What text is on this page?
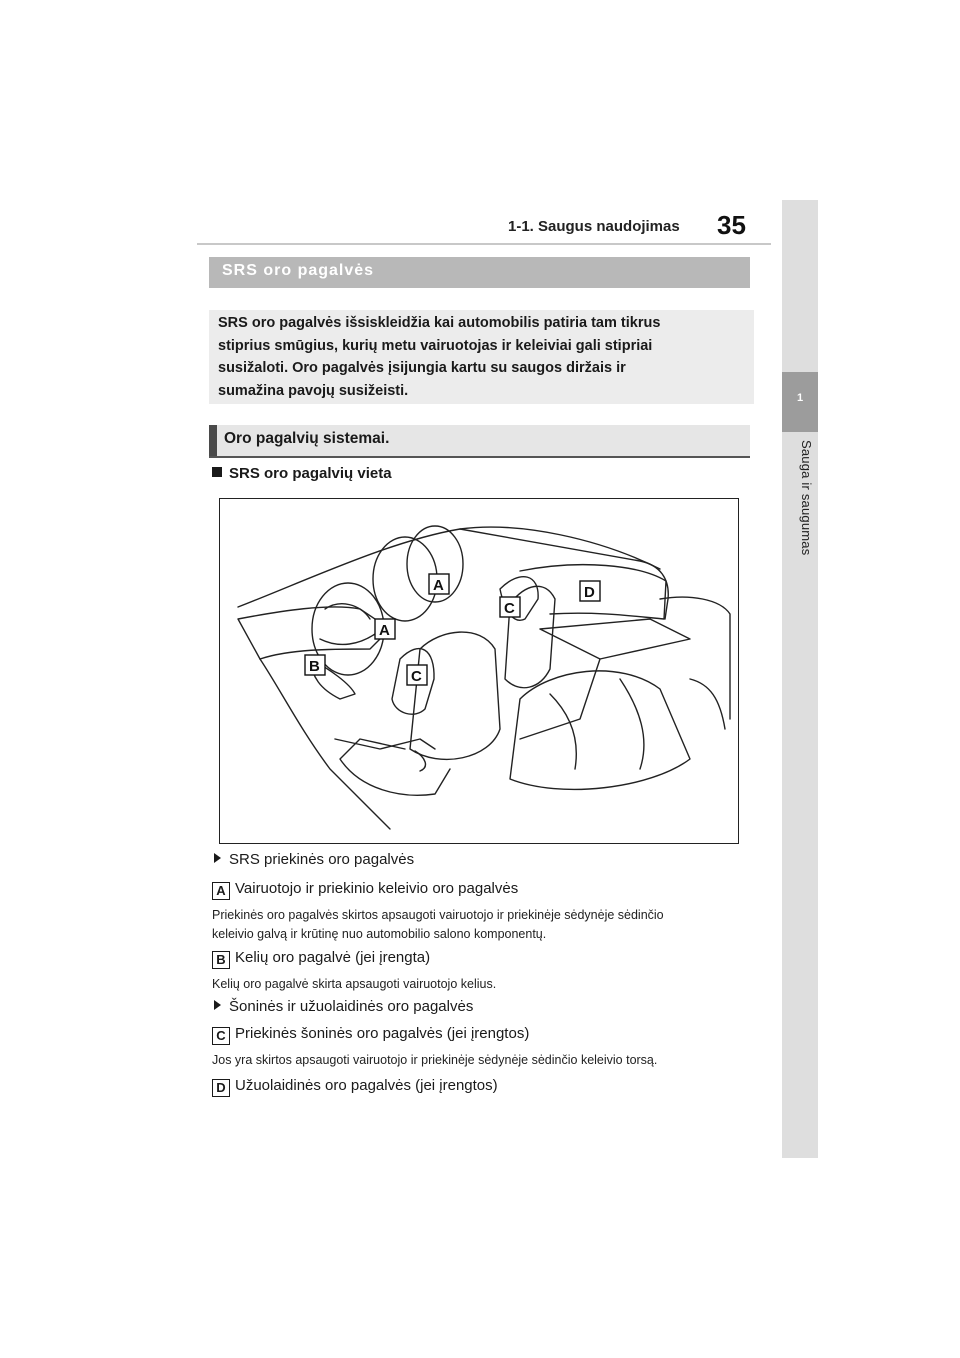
1-1. Saugus naudojimas 35
1
Sauga ir saugumas
SRS oro pagalvės
SRS oro pagalvės išsiskleidžia kai automobilis patiria tam tikrus
stiprius smūgius, kurių metu vairuotojas ir keleiviai gali stipriai
susižaloti. Oro pagalvės įsijungia kartu su saugos diržais ir
sumažina pavojų susižeisti.
Oro pagalvių sistemai.
SRS oro pagalvių vieta
A
A
B
C
C
D
SRS priekinės oro pagalvės
A Vairuotojo ir priekinio keleivio oro pagalvės
Priekinės oro pagalvės skirtos apsaugoti vairuotojo ir priekinėje sėdynėje sėdinčio
keleivio galvą ir krūtinę nuo automobilio salono komponentų.
B Kelių oro pagalvė (jei įrengta)
Kelių oro pagalvė skirta apsaugoti vairuotojo kelius.
Šoninės ir užuolaidinės oro pagalvės
C Priekinės šoninės oro pagalvės (jei įrengtos)
Jos yra skirtos apsaugoti vairuotojo ir priekinėje sėdynėje sėdinčio keleivio torsą.
D Užuolaidinės oro pagalvės (jei įrengtos)
